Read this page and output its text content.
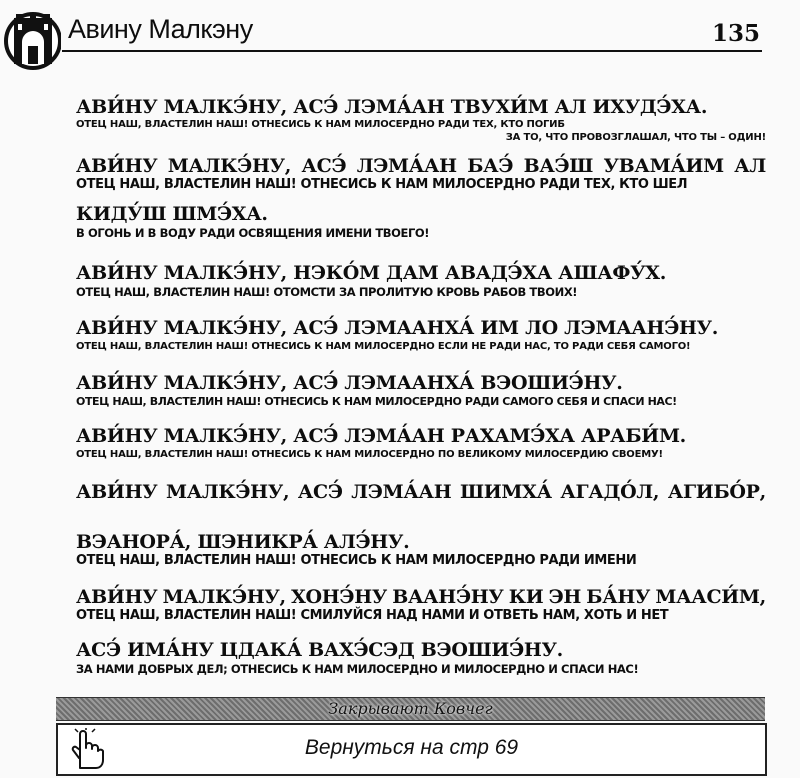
Авину Малкэну	135
АВИ́НУ МАЛКЭ́НУ, АСЭ́ ЛЭМА́АН ТВУХИ́М АЛ ИХУДЭ́ХА.
ОТЕЦ НАШ, ВЛАСТЕЛИН НАШ! ОТНЕСИСЬ К НАМ МИЛОСЕРДНО РАДИ ТЕХ, КТО ПОГИБ
ЗА ТО, ЧТО ПРОВОЗГЛАШАЛ, ЧТО ТЫ – ОДИН!
АВИ́НУ МАЛКЭ́НУ, АСЭ́ ЛЭМА́АН БАЭ́ ВАЭ́Ш УВАМА́ИМ АЛ
ОТЕЦ НАШ, ВЛАСТЕЛИН НАШ! ОТНЕСИСЬ К НАМ МИЛОСЕРДНО РАДИ ТЕХ, КТО ШЕЛ
КИДУ́Ш ШМЭ́ХА.
В ОГОНЬ И В ВОДУ РАДИ ОСВЯЩЕНИЯ ИМЕНИ ТВОЕГО!
АВИ́НУ МАЛКЭ́НУ, НЭКО́М ДАМ АВАДЭ́ХА АШАФУ́Х.
ОТЕЦ НАШ, ВЛАСТЕЛИН НАШ! ОТОМСТИ ЗА ПРОЛИТУЮ КРОВЬ РАБОВ ТВОИХ!
АВИ́НУ МАЛКЭ́НУ, АСЭ́ ЛЭМААНХА́ ИМ ЛО ЛЭМААНЭ́НУ.
ОТЕЦ НАШ, ВЛАСТЕЛИН НАШ! ОТНЕСИСЬ К НАМ МИЛОСЕРДНО ЕСЛИ НЕ РАДИ НАС, ТО РАДИ СЕБЯ САМОГО!
АВИ́НУ МАЛКЭ́НУ, АСЭ́ ЛЭМААНХА́ ВЭОШИЭ́НУ.
ОТЕЦ НАШ, ВЛАСТЕЛИН НАШ! ОТНЕСИСЬ К НАМ МИЛОСЕРДНО РАДИ САМОГО СЕБЯ И СПАСИ НАС!
АВИ́НУ МАЛКЭ́НУ, АСЭ́ ЛЭМА́АН РАХАМЭ́ХА АРАБИ́М.
ОТЕЦ НАШ, ВЛАСТЕЛИН НАШ! ОТНЕСИСЬ К НАМ МИЛОСЕРДНО ПО ВЕЛИКОМУ МИЛОСЕРДИЮ СВОЕМУ!
АВИ́НУ МАЛКЭ́НУ, АСЭ́ ЛЭМА́АН ШИМХА́ АГАДО́Л, АГИБО́Р,
ВЭАНОРА́, ШЭНИКРА́ АЛЭ́НУ.
ОТЕЦ НАШ, ВЛАСТЕЛИН НАШ! ОТНЕСИСЬ К НАМ МИЛОСЕРДНО РАДИ ИМЕНИ
АВИ́НУ МАЛКЭ́НУ, ХОНЭ́НУ ВААНЭ́НУ КИ ЭН БА́НУ МААСИ́М,
ОТЕЦ НАШ, ВЛАСТЕЛИН НАШ! СМИЛУЙСЯ НАД НАМИ И ОТВЕТЬ НАМ, ХОТЬ И НЕТ
АСЭ́ ИМА́НУ ЦДАКА́ ВАХЭ́СЭД ВЭОШИЭ́НУ.
ЗА НАМИ ДОБРЫХ ДЕЛ; ОТНЕСИСЬ К НАМ МИЛОСЕРДНО И МИЛОСЕРДНО И СПАСИ НАС!
Закрывают Ковчег
Вернуться на стр 69
